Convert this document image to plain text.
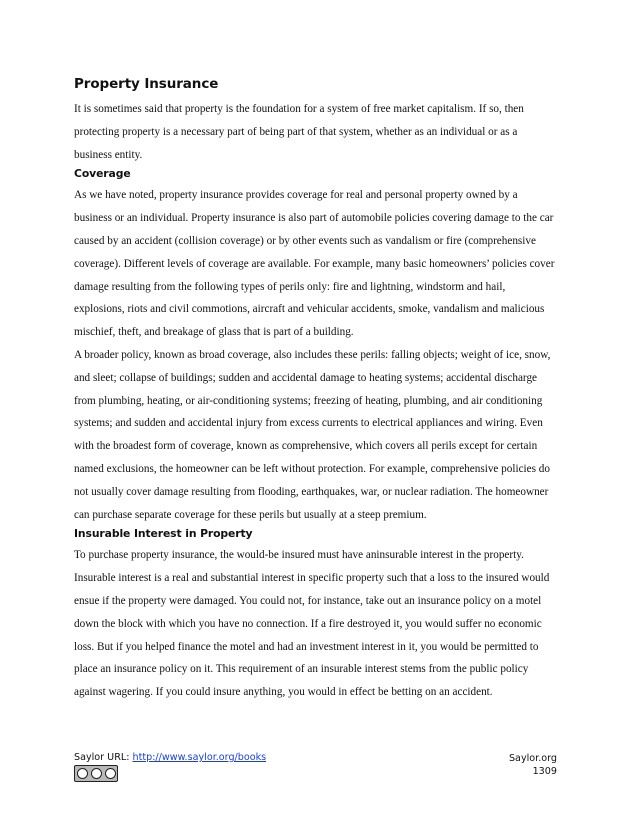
Property Insurance

It is sometimes said that property is the foundation for a system of free market capitalism. If so, then protecting property is a necessary part of being part of that system, whether as an individual or as a business entity.

Coverage

As we have noted, property insurance provides coverage for real and personal property owned by a business or an individual. Property insurance is also part of automobile policies covering damage to the car caused by an accident (collision coverage) or by other events such as vandalism or fire (comprehensive coverage). Different levels of coverage are available. For example, many basic homeowners’ policies cover damage resulting from the following types of perils only: fire and lightning, windstorm and hail, explosions, riots and civil commotions, aircraft and vehicular accidents, smoke, vandalism and malicious mischief, theft, and breakage of glass that is part of a building.

A broader policy, known as broad coverage, also includes these perils: falling objects; weight of ice, snow, and sleet; collapse of buildings; sudden and accidental damage to heating systems; accidental discharge from plumbing, heating, or air-conditioning systems; freezing of heating, plumbing, and air conditioning systems; and sudden and accidental injury from excess currents to electrical appliances and wiring. Even with the broadest form of coverage, known as comprehensive, which covers all perils except for certain named exclusions, the homeowner can be left without protection. For example, comprehensive policies do not usually cover damage resulting from flooding, earthquakes, war, or nuclear radiation. The homeowner can purchase separate coverage for these perils but usually at a steep premium.

Insurable Interest in Property

To purchase property insurance, the would-be insured must have aninsurable interest in the property. Insurable interest is a real and substantial interest in specific property such that a loss to the insured would ensue if the property were damaged. You could not, for instance, take out an insurance policy on a motel down the block with which you have no connection. If a fire destroyed it, you would suffer no economic loss. But if you helped finance the motel and had an investment interest in it, you would be permitted to place an insurance policy on it. This requirement of an insurable interest stems from the public policy against wagering. If you could insure anything, you would in effect be betting on an accident.

Saylor URL: http://www.saylor.org/books	Saylor.org
1309
